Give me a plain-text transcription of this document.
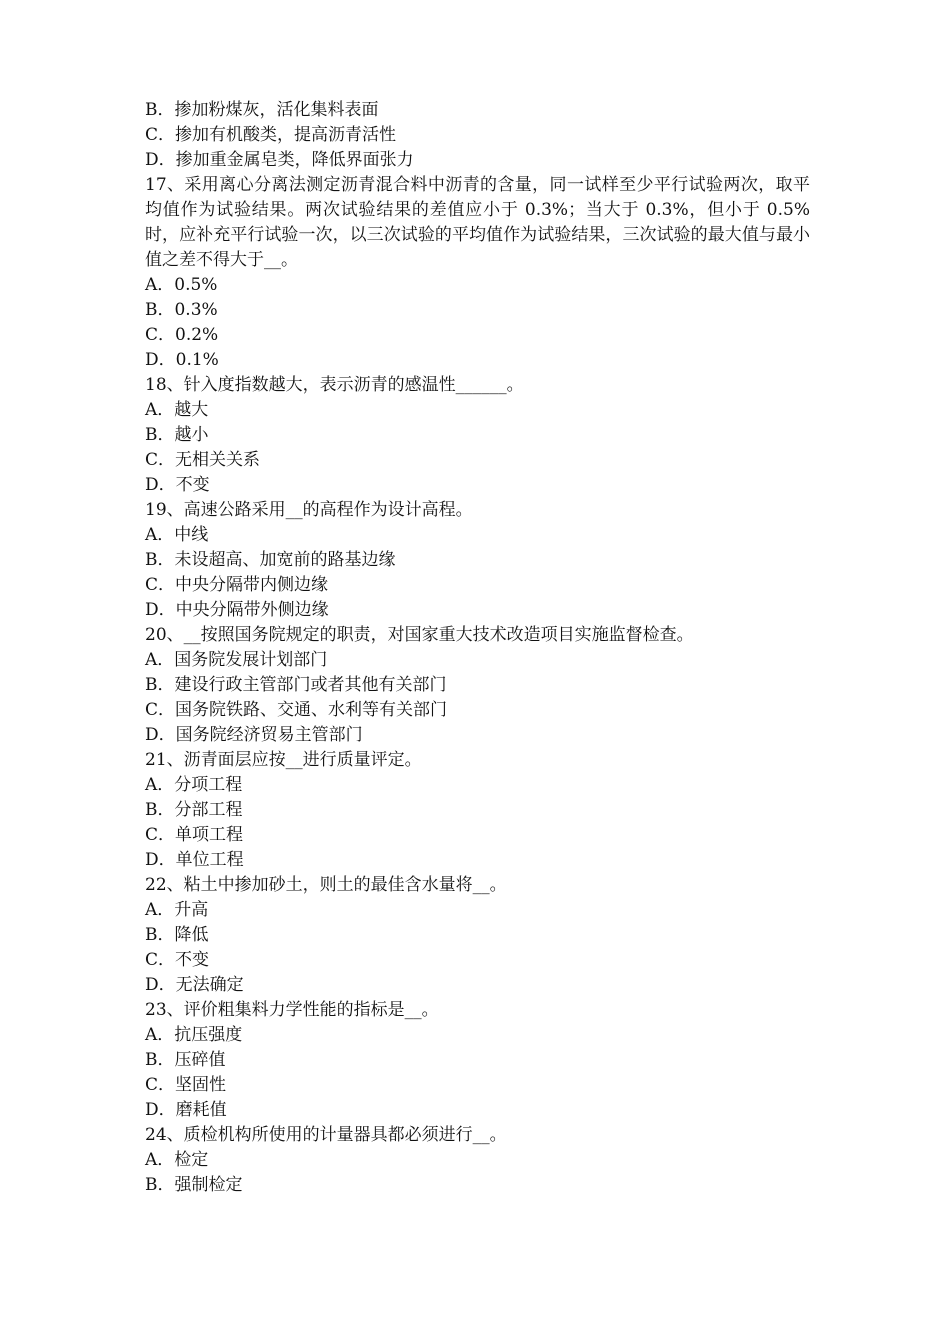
B．掺加粉煤灰，活化集料表面
C．掺加有机酸类，提高沥青活性
D．掺加重金属皂类，降低界面张力
17、采用离心分离法测定沥青混合料中沥青的含量，同一试样至少平行试验两次，取平均值作为试验结果。两次试验结果的差值应小于 0.3%；当大于 0.3%，但小于 0.5%时，应补充平行试验一次，以三次试验的平均值作为试验结果，三次试验的最大值与最小值之差不得大于__。
A．0.5%
B．0.3%
C．0.2%
D．0.1%
18、针入度指数越大，表示沥青的感温性______。
A．越大
B．越小
C．无相关关系
D．不变
19、高速公路采用__的高程作为设计高程。
A．中线
B．未设超高、加宽前的路基边缘
C．中央分隔带内侧边缘
D．中央分隔带外侧边缘
20、__按照国务院规定的职责，对国家重大技术改造项目实施监督检查。
A．国务院发展计划部门
B．建设行政主管部门或者其他有关部门
C．国务院铁路、交通、水利等有关部门
D．国务院经济贸易主管部门
21、沥青面层应按__进行质量评定。
A．分项工程
B．分部工程
C．单项工程
D．单位工程
22、粘土中掺加砂土，则土的最佳含水量将__。
A．升高
B．降低
C．不变
D．无法确定
23、评价粗集料力学性能的指标是__。
A．抗压强度
B．压碎值
C．坚固性
D．磨耗值
24、质检机构所使用的计量器具都必须进行__。
A．检定
B．强制检定
